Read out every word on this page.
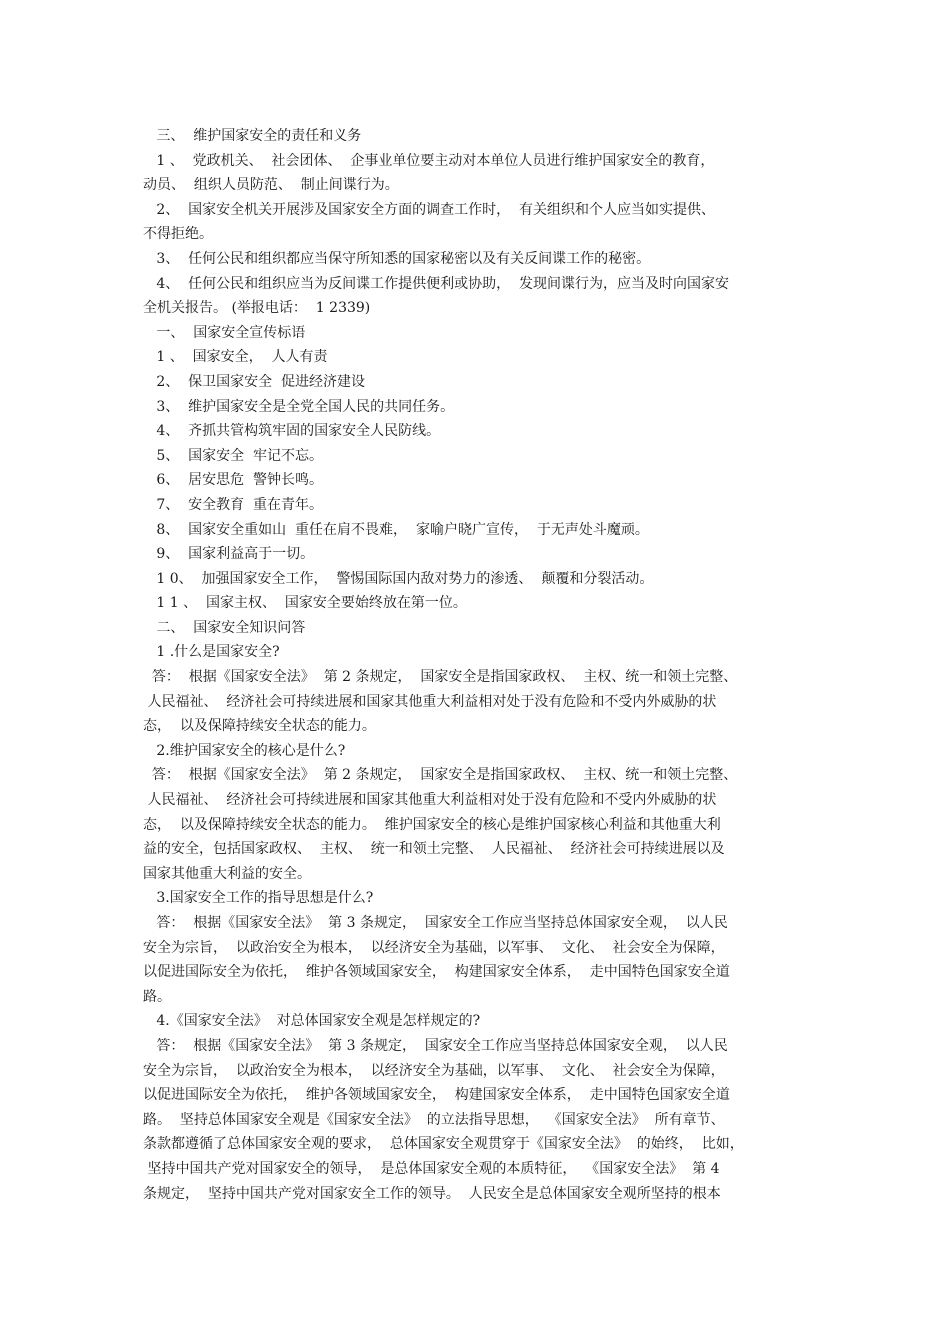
三、  维护国家安全的责任和义务
1 、  党政机关、  社会团体、  企事业单位要主动对本单位人员进行维护国家安全的教育，
动员、  组织人员防范、  制止间谍行为。
2、  国家安全机关开展涉及国家安全方面的调查工作时，  有关组织和个人应当如实提供、
不得拒绝。
3、  任何公民和组织都应当保守所知悉的国家秘密以及有关反间谍工作的秘密。
4、  任何公民和组织应当为反间谍工作提供便利或协助，  发现间谍行为，应当及时向国家安
全机关报告。 (举报电话：  1 2339)
一、  国家安全宣传标语
1 、  国家安全，  人人有责
2、  保卫国家安全  促进经济建设
3、  维护国家安全是全党全国人民的共同任务。
4、  齐抓共管构筑牢固的国家安全人民防线。
5、  国家安全  牢记不忘。
6、  居安思危  警钟长鸣。
7、  安全教育  重在青年。
8、  国家安全重如山  重任在肩不畏难，  家喻户晓广宣传，  于无声处斗魔顽。
9、  国家利益高于一切。
1 0、  加强国家安全工作，  警惕国际国内敌对势力的渗透、  颠覆和分裂活动。
1 1 、  国家主权、  国家安全要始终放在第一位。
二、  国家安全知识问答
1 .什么是国家安全?
答：  根据《国家安全法》  第 2 条规定，  国家安全是指国家政权、  主权、统一和领土完整、
人民福祉、  经济社会可持续进展和国家其他重大利益相对处于没有危险和不受内外威胁的状
态，  以及保障持续安全状态的能力。
2.维护国家安全的核心是什么?
答：  根据《国家安全法》  第 2 条规定，  国家安全是指国家政权、  主权、统一和领土完整、
人民福祉、  经济社会可持续进展和国家其他重大利益相对处于没有危险和不受内外威胁的状
态，  以及保障持续安全状态的能力。  维护国家安全的核心是维护国家核心利益和其他重大利
益的安全，包括国家政权、  主权、  统一和领土完整、  人民福祉、  经济社会可持续进展以及
国家其他重大利益的安全。
3.国家安全工作的指导思想是什么?
答：  根据《国家安全法》  第 3 条规定，  国家安全工作应当坚持总体国家安全观，  以人民
安全为宗旨，  以政治安全为根本，  以经济安全为基础，以军事、  文化、  社会安全为保障，
以促进国际安全为依托，  维护各领域国家安全，  构建国家安全体系，  走中国特色国家安全道
路。
4.《国家安全法》  对总体国家安全观是怎样规定的?
答：  根据《国家安全法》  第 3 条规定，  国家安全工作应当坚持总体国家安全观，  以人民
安全为宗旨，  以政治安全为根本，  以经济安全为基础，以军事、  文化、  社会安全为保障，
以促进国际安全为依托，  维护各领域国家安全，  构建国家安全体系，  走中国特色国家安全道
路。  坚持总体国家安全观是《国家安全法》  的立法指导思想，  《国家安全法》  所有章节、
条款都遵循了总体国家安全观的要求，  总体国家安全观贯穿于《国家安全法》  的始终，  比如，
坚持中国共产党对国家安全的领导，  是总体国家安全观的本质特征，  《国家安全法》  第 4
条规定，  坚持中国共产党对国家安全工作的领导。  人民安全是总体国家安全观所坚持的根本
